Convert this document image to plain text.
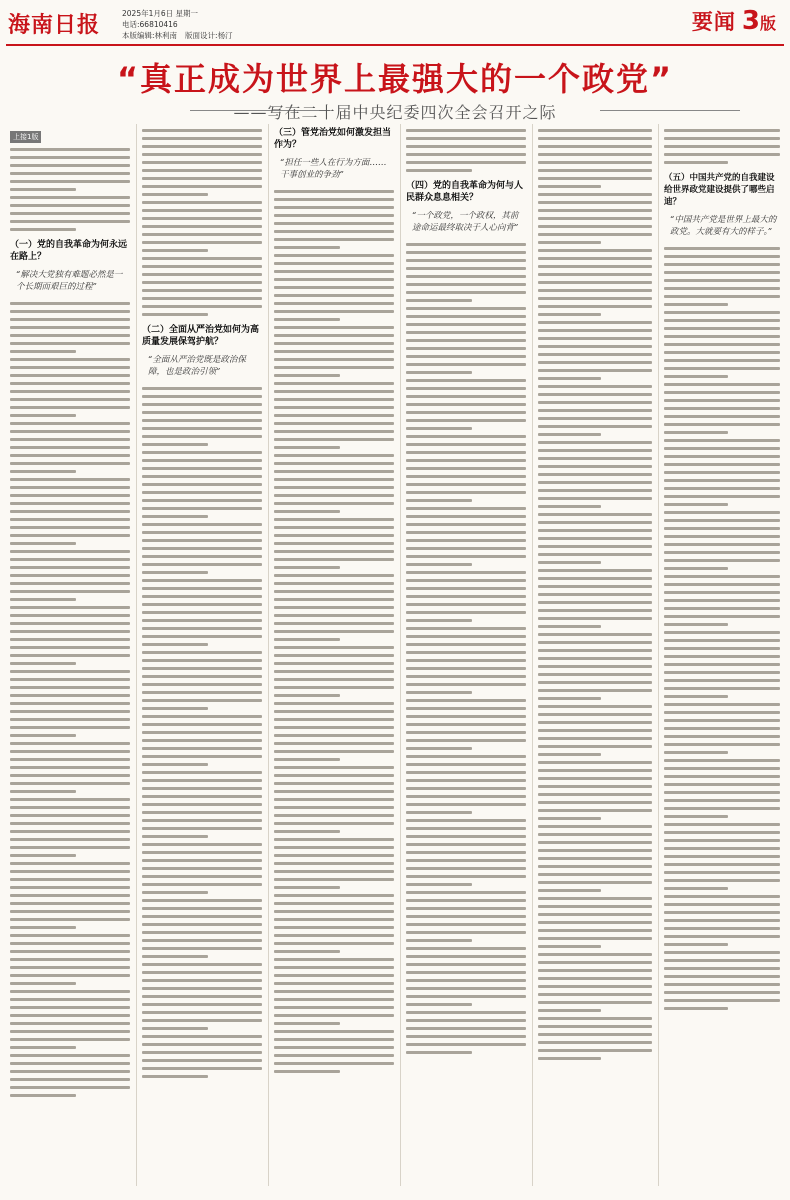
海南日报	2025年1月6日 星期一
电话:66810416
本版编辑:林利南 版面设计:杨汀
要闻 3版
“真正成为世界上最强大的一个政党”
——写在二十届中央纪委四次全会召开之际
上接1版
（一）党的自我革命为何永远在路上？
“解决大党独有难题必然是一个长期而艰巨的过程”
（二）全面从严治党如何为高质量发展保驾护航？
“全面从严治党既是政治保障，也是政治引领”
（三）管党治党如何激发担当作为？
“担任一些人在行为方面……干事创业的争劲”
（四）党的自我革命为何与人民群众息息相关？
“一个政党，一个政权，其前途命运最终取决于人心向背”
（五）中国共产党的自我建设给世界政党建设提供了哪些启迪？
“中国共产党是世界上最大的政党。大就要有大的样子。”
